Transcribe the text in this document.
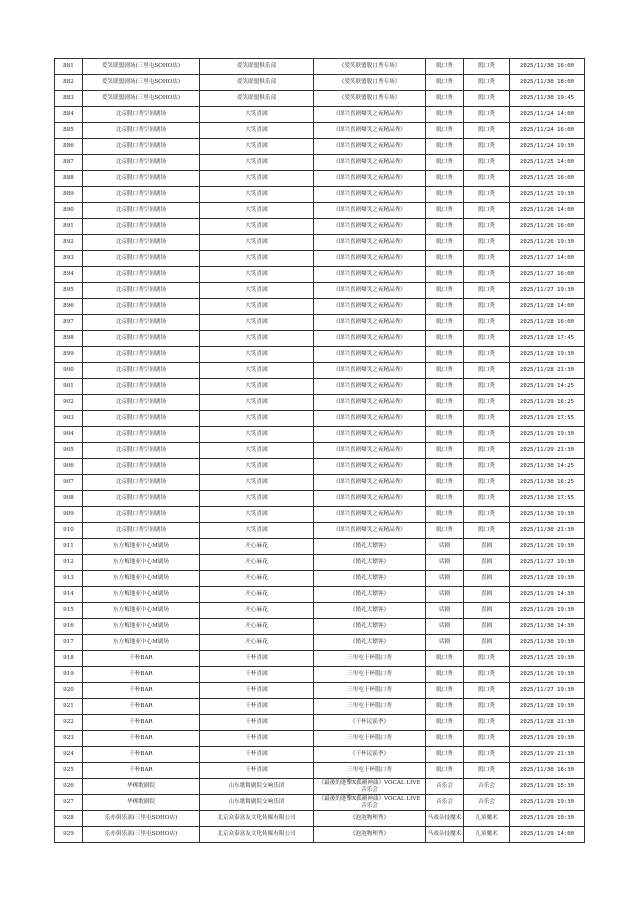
881	爱笑联盟剧场(三里屯SOHO店)	爱笑联盟俱乐部	《爱笑联盟脱口秀专场》	脱口秀	脱口秀	2025/11/30 16:00
882	爱笑联盟剧场(三里屯SOHO店)	爱笑联盟俱乐部	《爱笑联盟脱口秀专场》	脱口秀	脱口秀	2025/11/30 18:00
883	爱笑联盟剧场(三里屯SOHO店)	爱笑联盟俱乐部	《爱笑联盟脱口秀专场》	脱口秀	脱口秀	2025/11/30 19:45
884	北京脱口秀空间剧场	大笑喜剧	《即兴喜剧爆笑之夜精品秀》	脱口秀	脱口秀	2025/11/24 14:00
885	北京脱口秀空间剧场	大笑喜剧	《即兴喜剧爆笑之夜精品秀》	脱口秀	脱口秀	2025/11/24 16:00
886	北京脱口秀空间剧场	大笑喜剧	《即兴喜剧爆笑之夜精品秀》	脱口秀	脱口秀	2025/11/24 19:30
887	北京脱口秀空间剧场	大笑喜剧	《即兴喜剧爆笑之夜精品秀》	脱口秀	脱口秀	2025/11/25 14:00
888	北京脱口秀空间剧场	大笑喜剧	《即兴喜剧爆笑之夜精品秀》	脱口秀	脱口秀	2025/11/25 16:00
889	北京脱口秀空间剧场	大笑喜剧	《即兴喜剧爆笑之夜精品秀》	脱口秀	脱口秀	2025/11/25 19:30
890	北京脱口秀空间剧场	大笑喜剧	《即兴喜剧爆笑之夜精品秀》	脱口秀	脱口秀	2025/11/26 14:00
891	北京脱口秀空间剧场	大笑喜剧	《即兴喜剧爆笑之夜精品秀》	脱口秀	脱口秀	2025/11/26 16:00
892	北京脱口秀空间剧场	大笑喜剧	《即兴喜剧爆笑之夜精品秀》	脱口秀	脱口秀	2025/11/26 19:30
893	北京脱口秀空间剧场	大笑喜剧	《即兴喜剧爆笑之夜精品秀》	脱口秀	脱口秀	2025/11/27 14:00
894	北京脱口秀空间剧场	大笑喜剧	《即兴喜剧爆笑之夜精品秀》	脱口秀	脱口秀	2025/11/27 16:00
895	北京脱口秀空间剧场	大笑喜剧	《即兴喜剧爆笑之夜精品秀》	脱口秀	脱口秀	2025/11/27 19:30
896	北京脱口秀空间剧场	大笑喜剧	《即兴喜剧爆笑之夜精品秀》	脱口秀	脱口秀	2025/11/28 14:00
897	北京脱口秀空间剧场	大笑喜剧	《即兴喜剧爆笑之夜精品秀》	脱口秀	脱口秀	2025/11/28 16:00
898	北京脱口秀空间剧场	大笑喜剧	《即兴喜剧爆笑之夜精品秀》	脱口秀	脱口秀	2025/11/28 17:45
899	北京脱口秀空间剧场	大笑喜剧	《即兴喜剧爆笑之夜精品秀》	脱口秀	脱口秀	2025/11/28 19:30
900	北京脱口秀空间剧场	大笑喜剧	《即兴喜剧爆笑之夜精品秀》	脱口秀	脱口秀	2025/11/28 21:30
901	北京脱口秀空间剧场	大笑喜剧	《即兴喜剧爆笑之夜精品秀》	脱口秀	脱口秀	2025/11/29 14:25
902	北京脱口秀空间剧场	大笑喜剧	《即兴喜剧爆笑之夜精品秀》	脱口秀	脱口秀	2025/11/29 16:25
903	北京脱口秀空间剧场	大笑喜剧	《即兴喜剧爆笑之夜精品秀》	脱口秀	脱口秀	2025/11/29 17:55
904	北京脱口秀空间剧场	大笑喜剧	《即兴喜剧爆笑之夜精品秀》	脱口秀	脱口秀	2025/11/29 19:30
905	北京脱口秀空间剧场	大笑喜剧	《即兴喜剧爆笑之夜精品秀》	脱口秀	脱口秀	2025/11/29 21:30
906	北京脱口秀空间剧场	大笑喜剧	《即兴喜剧爆笑之夜精品秀》	脱口秀	脱口秀	2025/11/30 14:25
907	北京脱口秀空间剧场	大笑喜剧	《即兴喜剧爆笑之夜精品秀》	脱口秀	脱口秀	2025/11/30 16:25
908	北京脱口秀空间剧场	大笑喜剧	《即兴喜剧爆笑之夜精品秀》	脱口秀	脱口秀	2025/11/30 17:55
909	北京脱口秀空间剧场	大笑喜剧	《即兴喜剧爆笑之夜精品秀》	脱口秀	脱口秀	2025/11/30 19:30
910	北京脱口秀空间剧场	大笑喜剧	《即兴喜剧爆笑之夜精品秀》	脱口秀	脱口秀	2025/11/30 21:30
911	东方梅地亚中心M剧场	开心麻花	《婚礼大镖客》	话剧	喜剧	2025/11/26 19:30
912	东方梅地亚中心M剧场	开心麻花	《婚礼大镖客》	话剧	喜剧	2025/11/27 19:30
913	东方梅地亚中心M剧场	开心麻花	《婚礼大镖客》	话剧	喜剧	2025/11/28 19:30
914	东方梅地亚中心M剧场	开心麻花	《婚礼大镖客》	话剧	喜剧	2025/11/29 14:30
915	东方梅地亚中心M剧场	开心麻花	《婚礼大镖客》	话剧	喜剧	2025/11/29 19:30
916	东方梅地亚中心M剧场	开心麻花	《婚礼大镖客》	话剧	喜剧	2025/11/30 14:30
917	东方梅地亚中心M剧场	开心麻花	《婚礼大镖客》	话剧	喜剧	2025/11/30 19:30
918	干杯BAR	干杯喜剧	三里屯干杯脱口秀	脱口秀	脱口秀	2025/11/25 19:30
919	干杯BAR	干杯喜剧	三里屯干杯脱口秀	脱口秀	脱口秀	2025/11/26 19:30
920	干杯BAR	干杯喜剧	三里屯干杯脱口秀	脱口秀	脱口秀	2025/11/27 19:30
921	干杯BAR	干杯喜剧	三里屯干杯脱口秀	脱口秀	脱口秀	2025/11/28 19:30
922	干杯BAR	干杯喜剧	《干杯民谣季》	脱口秀	脱口秀	2025/11/28 21:30
923	干杯BAR	干杯喜剧	三里屯干杯脱口秀	脱口秀	脱口秀	2025/11/29 19:30
924	干杯BAR	干杯喜剧	《干杯民谣季》	脱口秀	脱口秀	2025/11/29 21:30
925	干杯BAR	干杯喜剧	三里屯干杯脱口秀	脱口秀	脱口秀	2025/11/30 16:30
926	华梆歌剧院	山东歌舞剧院交响乐团	《最後的進擊X孤劍神曲》VOCAL LIVE 音乐会	音乐会	音乐会	2025/11/29 15:30
927	华梆歌剧院	山东歌舞剧院交响乐团	《最後的進擊X孤劍神曲》VOCAL LIVE 音乐会	音乐会	音乐会	2025/11/29 19:30
928	乐亦俱乐部(三里屯SOHO店)	北京众泰富友文化传媒有限公司	《泡泡物理秀》	马戏杂技魔术	儿童魔术	2025/11/29 10:30
929	乐亦俱乐部(三里屯SOHO店)	北京众泰富友文化传媒有限公司	《泡泡物理秀》	马戏杂技魔术	儿童魔术	2025/11/29 14:00
